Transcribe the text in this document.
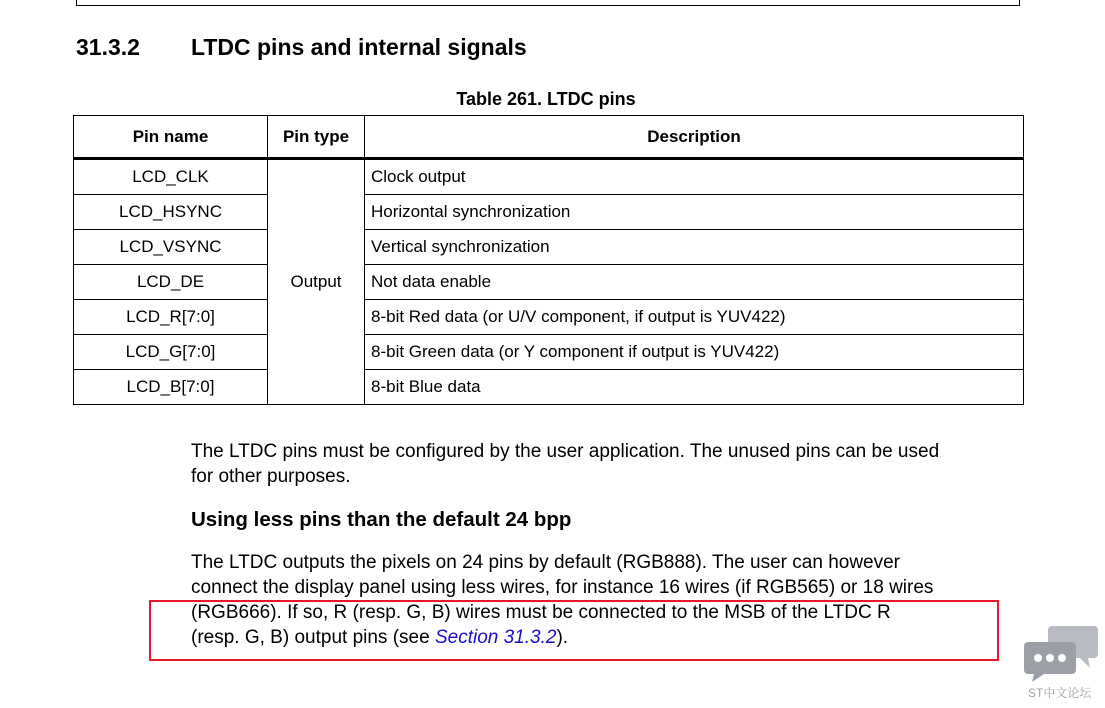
31.3.2 LTDC pins and internal signals
Table 261. LTDC pins
Pin name	Pin type	Description
LCD_CLK	Output	Clock output
LCD_HSYNC		Horizontal synchronization
LCD_VSYNC		Vertical synchronization
LCD_DE		Not data enable
LCD_R[7:0]		8-bit Red data (or U/V component, if output is YUV422)
LCD_G[7:0]		8-bit Green data (or Y component if output is YUV422)
LCD_B[7:0]		8-bit Blue data

The LTDC pins must be configured by the user application. The unused pins can be used
for other purposes.

Using less pins than the default 24 bpp

The LTDC outputs the pixels on 24 pins by default (RGB888). The user can however
connect the display panel using less wires, for instance 16 wires (if RGB565) or 18 wires
(RGB666). If so, R (resp. G, B) wires must be connected to the MSB of the LTDC R
(resp. G, B) output pins (see Section 31.3.2).

ST中文论坛
